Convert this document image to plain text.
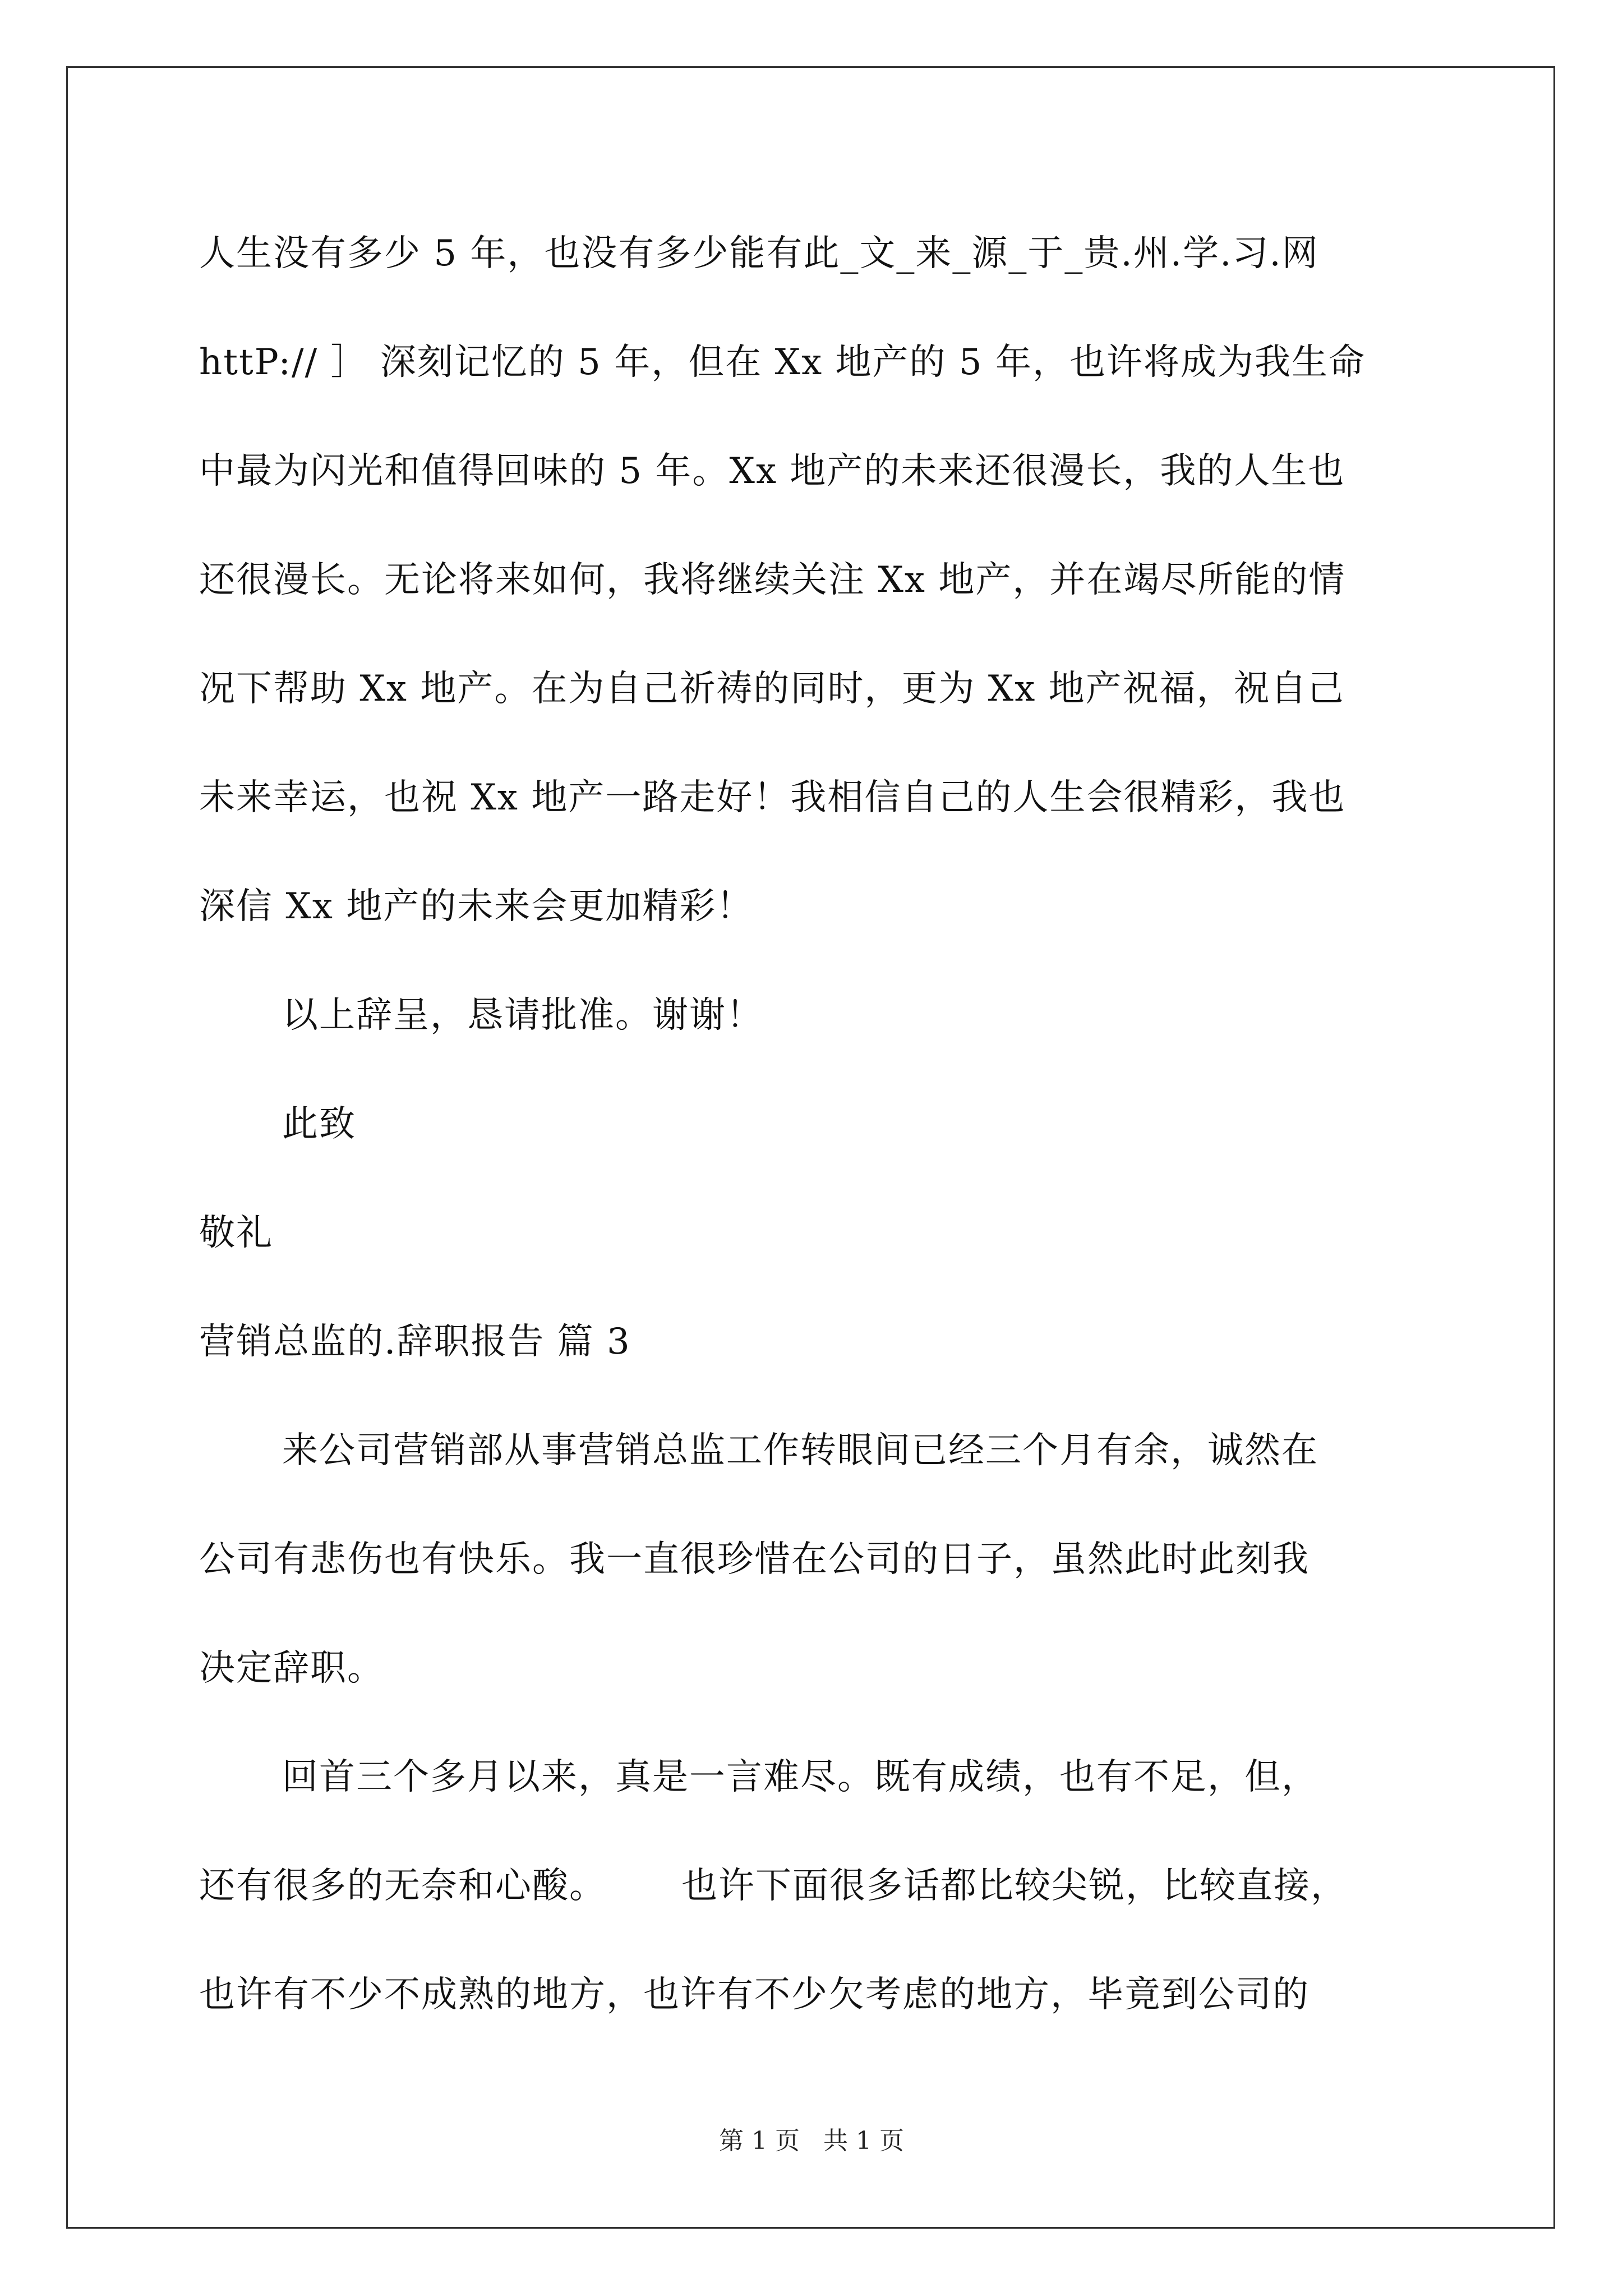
人生没有多少 5 年，也没有多少能有此_文_来_源_于_贵.州.学.习.网
httP:// ］ 深刻记忆的 5 年，但在 Xx 地产的 5 年，也许将成为我生命
中最为闪光和值得回味的 5 年。Xx 地产的未来还很漫长，我的人生也
还很漫长。无论将来如何，我将继续关注 Xx 地产，并在竭尽所能的情
况下帮助 Xx 地产。在为自己祈祷的同时，更为 Xx 地产祝福，祝自己
未来幸运，也祝 Xx 地产一路走好！我相信自己的人生会很精彩，我也
深信 Xx 地产的未来会更加精彩！
以上辞呈，恳请批准。谢谢！
此致
敬礼
营销总监的.辞职报告 篇 3
来公司营销部从事营销总监工作转眼间已经三个月有余，诚然在
公司有悲伤也有快乐。我一直很珍惜在公司的日子，虽然此时此刻我
决定辞职。
回首三个多月以来，真是一言难尽。既有成绩，也有不足，但，
还有很多的无奈和心酸。      也许下面很多话都比较尖锐，比较直接，
也许有不少不成熟的地方，也许有不少欠考虑的地方，毕竟到公司的
第 1 页   共 1 页
